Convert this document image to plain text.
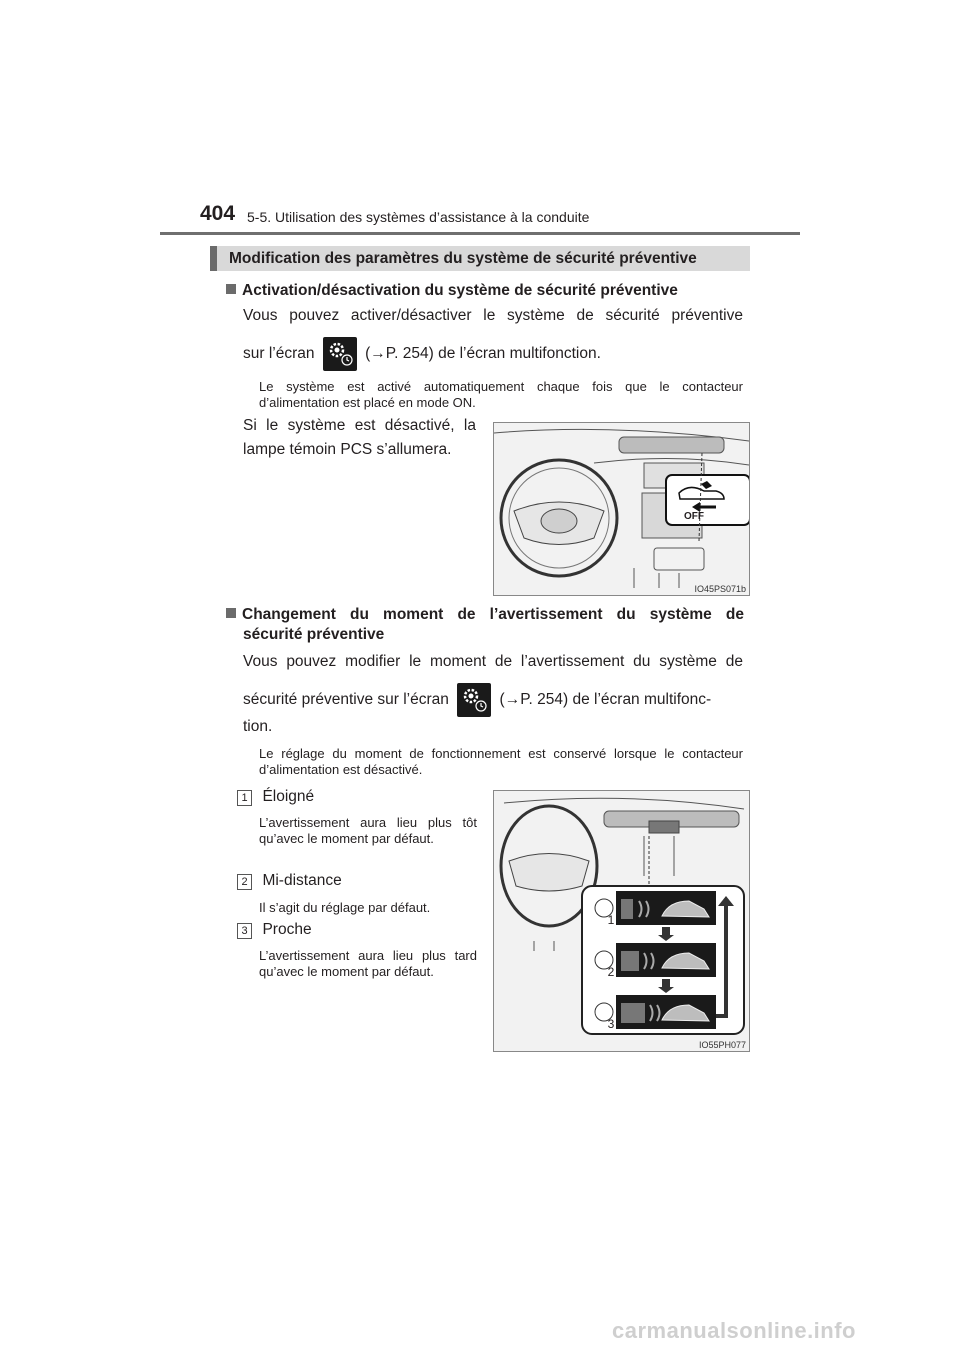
404 5-5. Utilisation des systèmes d’assistance à la conduite
Modification des paramètres du système de sécurité préventive
Activation/désactivation du système de sécurité préventive
Vous pouvez activer/désactiver le système de sécurité préventive
sur l’écran	(→P. 254) de l’écran multifonction.
Le système est activé automatiquement chaque fois que le contacteur d’alimentation est placé en mode ON.
Si le système est désactivé, la lampe témoin PCS s’allumera.
OFF
IO45PS071b
Changement du moment de l’avertissement du système de
sécurité préventive
Vous pouvez modifier le moment de l’avertissement du système de
sécurité préventive sur l’écran	(→P. 254) de l’écran multifonc-
tion.
Le réglage du moment de fonctionnement est conservé lorsque le contacteur d’alimentation est désactivé.
1 Éloigné
L’avertissement aura lieu plus tôt qu’avec le moment par défaut.
2 Mi-distance
Il s’agit du réglage par défaut.
3 Proche
L’avertissement aura lieu plus tard qu’avec le moment par défaut.
1
2
3
IO55PH077
carmanualsonline.info
